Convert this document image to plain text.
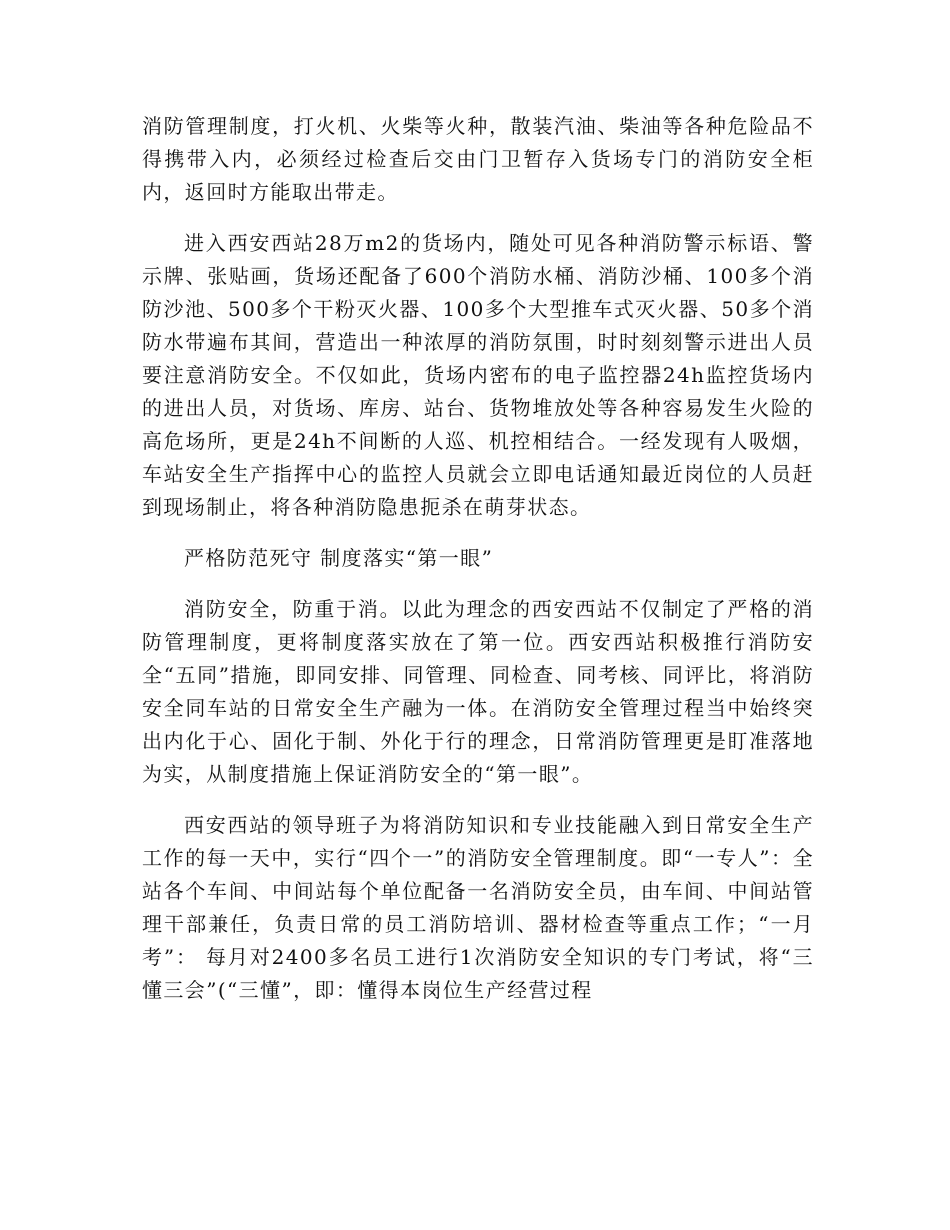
消防管理制度，打火机、火柴等火种，散装汽油、柴油等各种危险品不得携带入内，必须经过检查后交由门卫暂存入货场专门的消防安全柜内，返回时方能取出带走。

进入西安西站28万m2的货场内，随处可见各种消防警示标语、警示牌、张贴画，货场还配备了600个消防水桶、消防沙桶、100多个消防沙池、500多个干粉灭火器、100多个大型推车式灭火器、50多个消防水带遍布其间，营造出一种浓厚的消防氛围，时时刻刻警示进出人员要注意消防安全。不仅如此，货场内密布的电子监控器24h监控货场内的进出人员，对货场、库房、站台、货物堆放处等各种容易发生火险的高危场所，更是24h不间断的人巡、机控相结合。一经发现有人吸烟，车站安全生产指挥中心的监控人员就会立即电话通知最近岗位的人员赶到现场制止，将各种消防隐患扼杀在萌芽状态。

严格防范死守 制度落实“第一眼”

消防安全，防重于消。以此为理念的西安西站不仅制定了严格的消防管理制度，更将制度落实放在了第一位。西安西站积极推行消防安全“五同”措施，即同安排、同管理、同检查、同考核、同评比，将消防安全同车站的日常安全生产融为一体。在消防安全管理过程当中始终突出内化于心、固化于制、外化于行的理念，日常消防管理更是盯准落地为实，从制度措施上保证消防安全的“第一眼”。

西安西站的领导班子为将消防知识和专业技能融入到日常安全生产工作的每一天中，实行“四个一”的消防安全管理制度。即“一专人”：全站各个车间、中间站每个单位配备一名消防安全员，由车间、中间站管理干部兼任，负责日常的员工消防培训、器材检查等重点工作；“一月考”： 每月对2400多名员工进行1次消防安全知识的专门考试，将“三懂三会”(“三懂”，即：懂得本岗位生产经营过程
